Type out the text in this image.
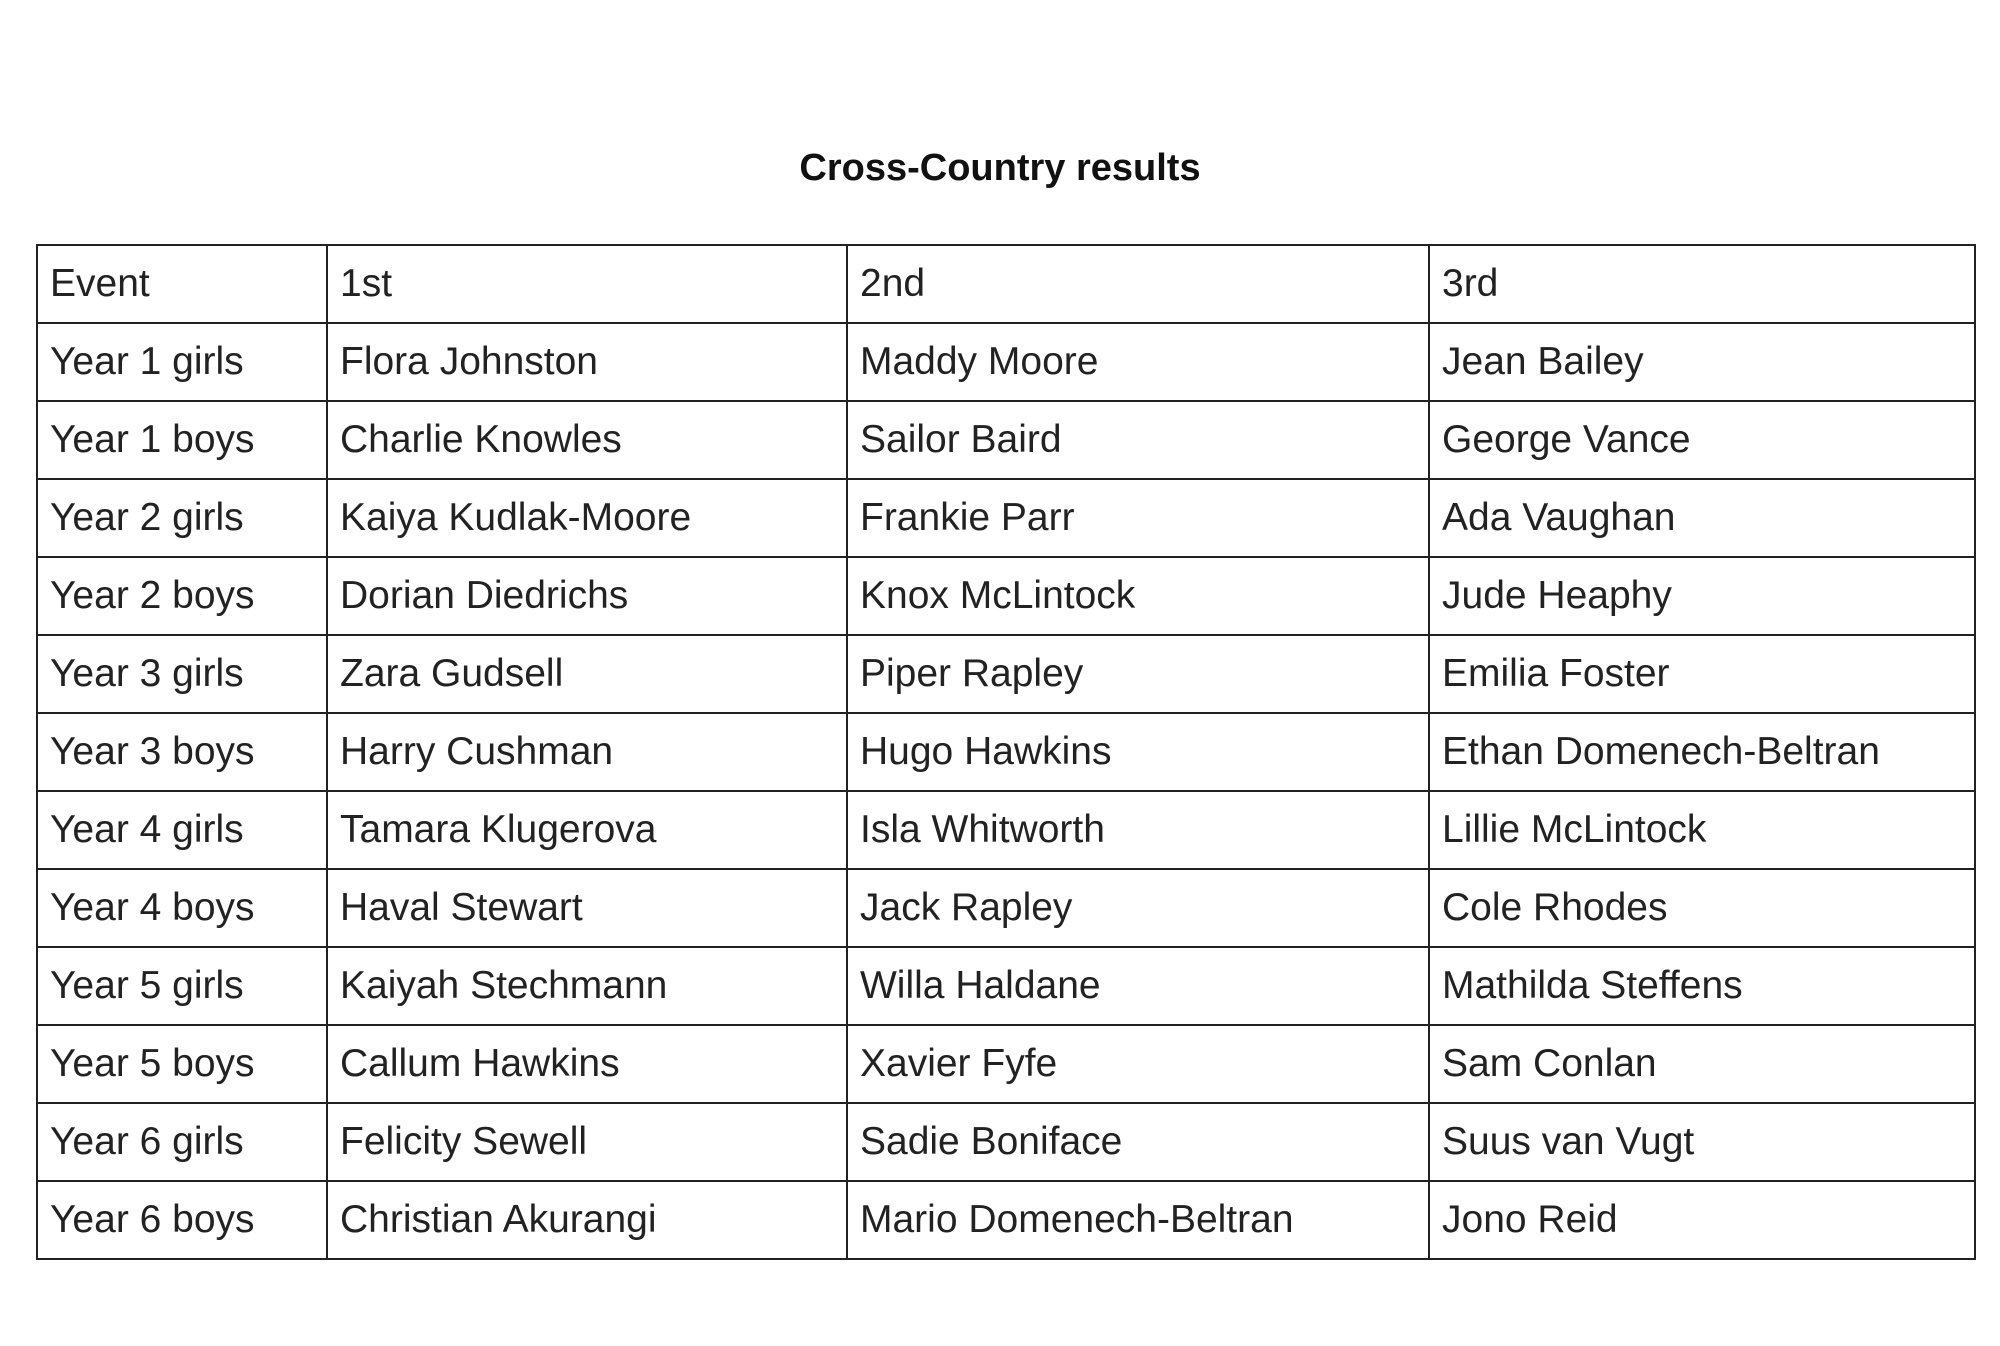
Cross-Country results
Event	1st	2nd	3rd
Year 1 girls	Flora Johnston	Maddy Moore	Jean Bailey
Year 1 boys	Charlie Knowles	Sailor Baird	George Vance
Year 2 girls	Kaiya Kudlak-Moore	Frankie Parr	Ada Vaughan
Year 2 boys	Dorian Diedrichs	Knox McLintock	Jude Heaphy
Year 3 girls	Zara Gudsell	Piper Rapley	Emilia Foster
Year 3 boys	Harry Cushman	Hugo Hawkins	Ethan Domenech-Beltran
Year 4 girls	Tamara Klugerova	Isla Whitworth	Lillie McLintock
Year 4 boys	Haval Stewart	Jack Rapley	Cole Rhodes
Year 5 girls	Kaiyah Stechmann	Willa Haldane	Mathilda Steffens
Year 5 boys	Callum Hawkins	Xavier Fyfe	Sam Conlan
Year 6 girls	Felicity Sewell	Sadie Boniface	Suus van Vugt
Year 6 boys	Christian Akurangi	Mario Domenech-Beltran	Jono Reid
